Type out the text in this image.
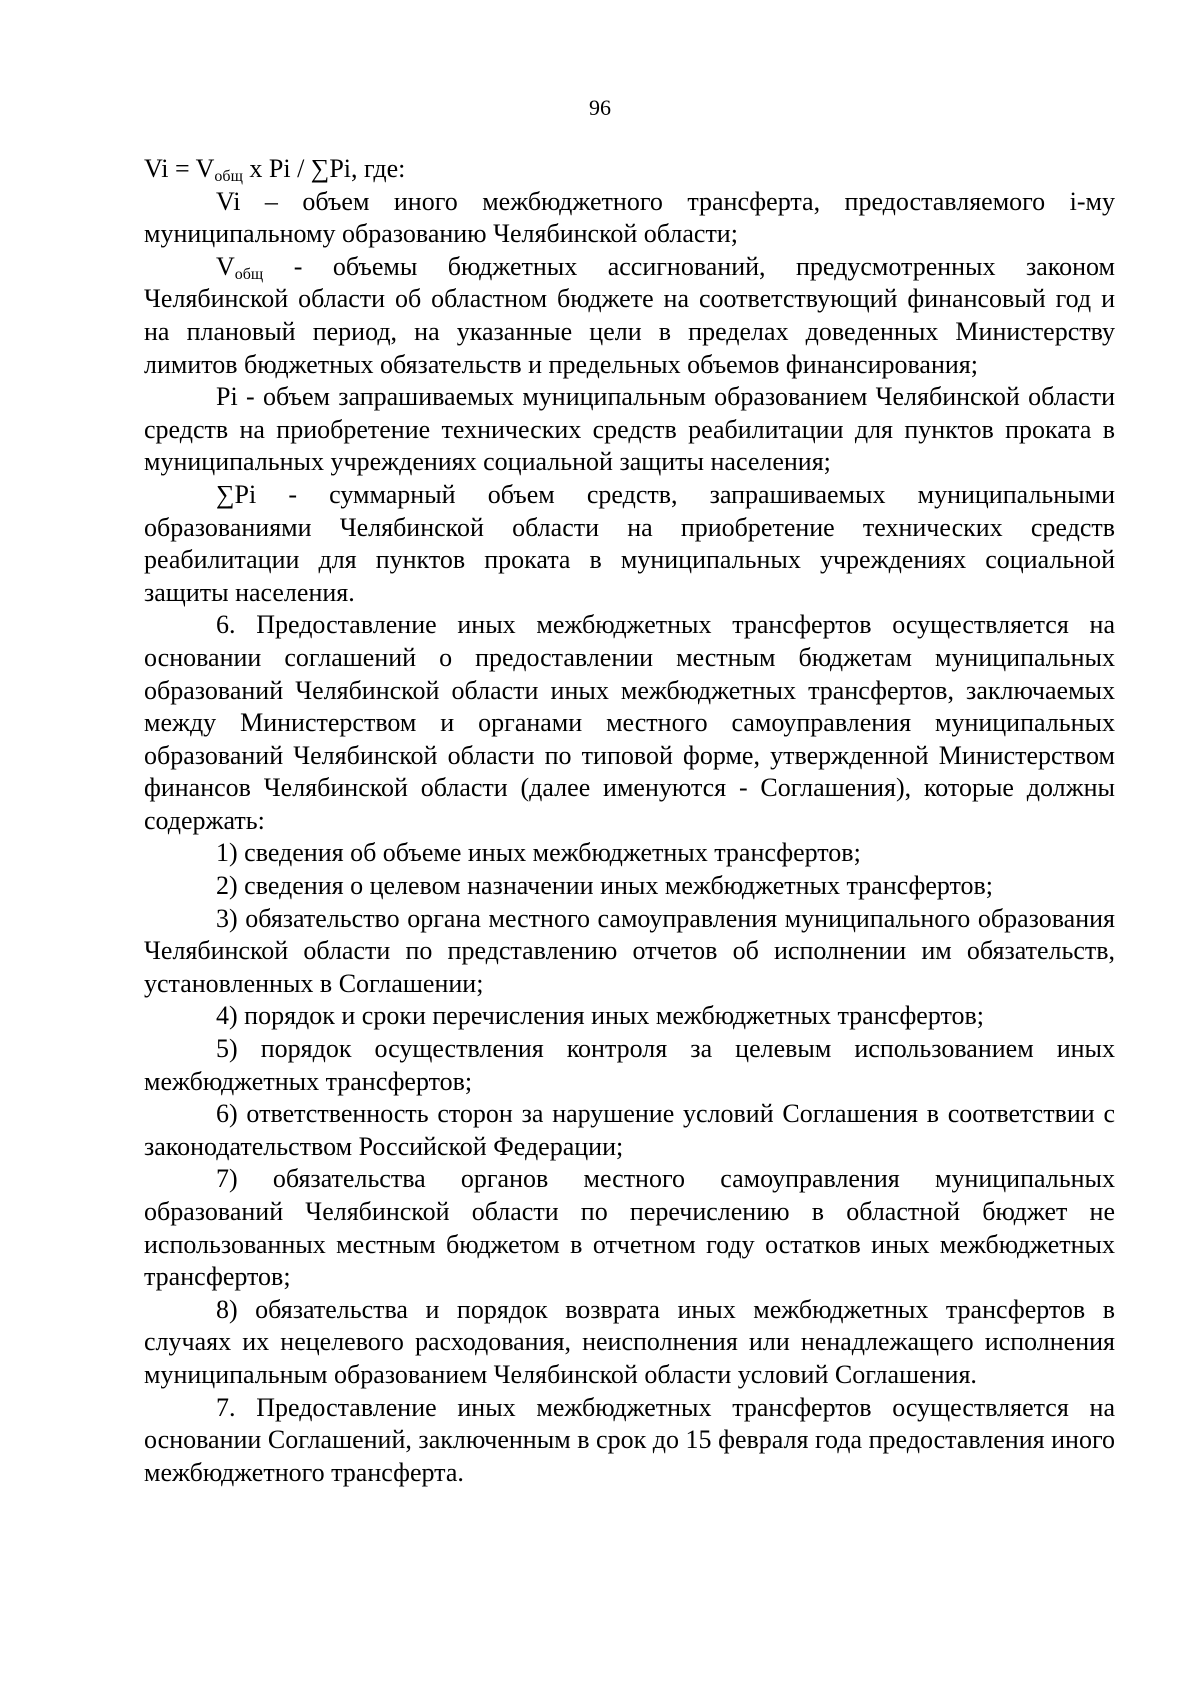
96

$Vi = V_{общ}$ x Pi / ∑Pi, где:

Vi – объем иного межбюджетного трансферта, предоставляемого i-му муниципальному образованию Челябинской области;

$V_{общ}$ - объемы бюджетных ассигнований, предусмотренных законом Челябинской области об областном бюджете на соответствующий финансовый год и на плановый период, на указанные цели в пределах доведенных Министерству лимитов бюджетных обязательств и предельных объемов финансирования;

Pi - объем запрашиваемых муниципальным образованием Челябинской области средств на приобретение технических средств реабилитации для пунктов проката в муниципальных учреждениях социальной защиты населения;

∑Pi - суммарный объем средств, запрашиваемых муниципальными образованиями Челябинской области на приобретение технических средств реабилитации для пунктов проката в муниципальных учреждениях социальной защиты населения.

6. Предоставление иных межбюджетных трансфертов осуществляется на основании соглашений о предоставлении местным бюджетам муниципальных образований Челябинской области иных межбюджетных трансфертов, заключаемых между Министерством и органами местного самоуправления муниципальных образований Челябинской области по типовой форме, утвержденной Министерством финансов Челябинской области (далее именуются - Соглашения), которые должны содержать:

1) сведения об объеме иных межбюджетных трансфертов;

2) сведения о целевом назначении иных межбюджетных трансфертов;

3) обязательство органа местного самоуправления муниципального образования Челябинской области по представлению отчетов об исполнении им обязательств, установленных в Соглашении;

4) порядок и сроки перечисления иных межбюджетных трансфертов;

5) порядок осуществления контроля за целевым использованием иных межбюджетных трансфертов;

6) ответственность сторон за нарушение условий Соглашения в соответствии с законодательством Российской Федерации;

7) обязательства органов местного самоуправления муниципальных образований Челябинской области по перечислению в областной бюджет не использованных местным бюджетом в отчетном году остатков иных межбюджетных трансфертов;

8) обязательства и порядок возврата иных межбюджетных трансфертов в случаях их нецелевого расходования, неисполнения или ненадлежащего исполнения муниципальным образованием Челябинской области условий Соглашения.

7. Предоставление иных межбюджетных трансфертов осуществляется на основании Соглашений, заключенным в срок до 15 февраля года предоставления иного межбюджетного трансферта.
